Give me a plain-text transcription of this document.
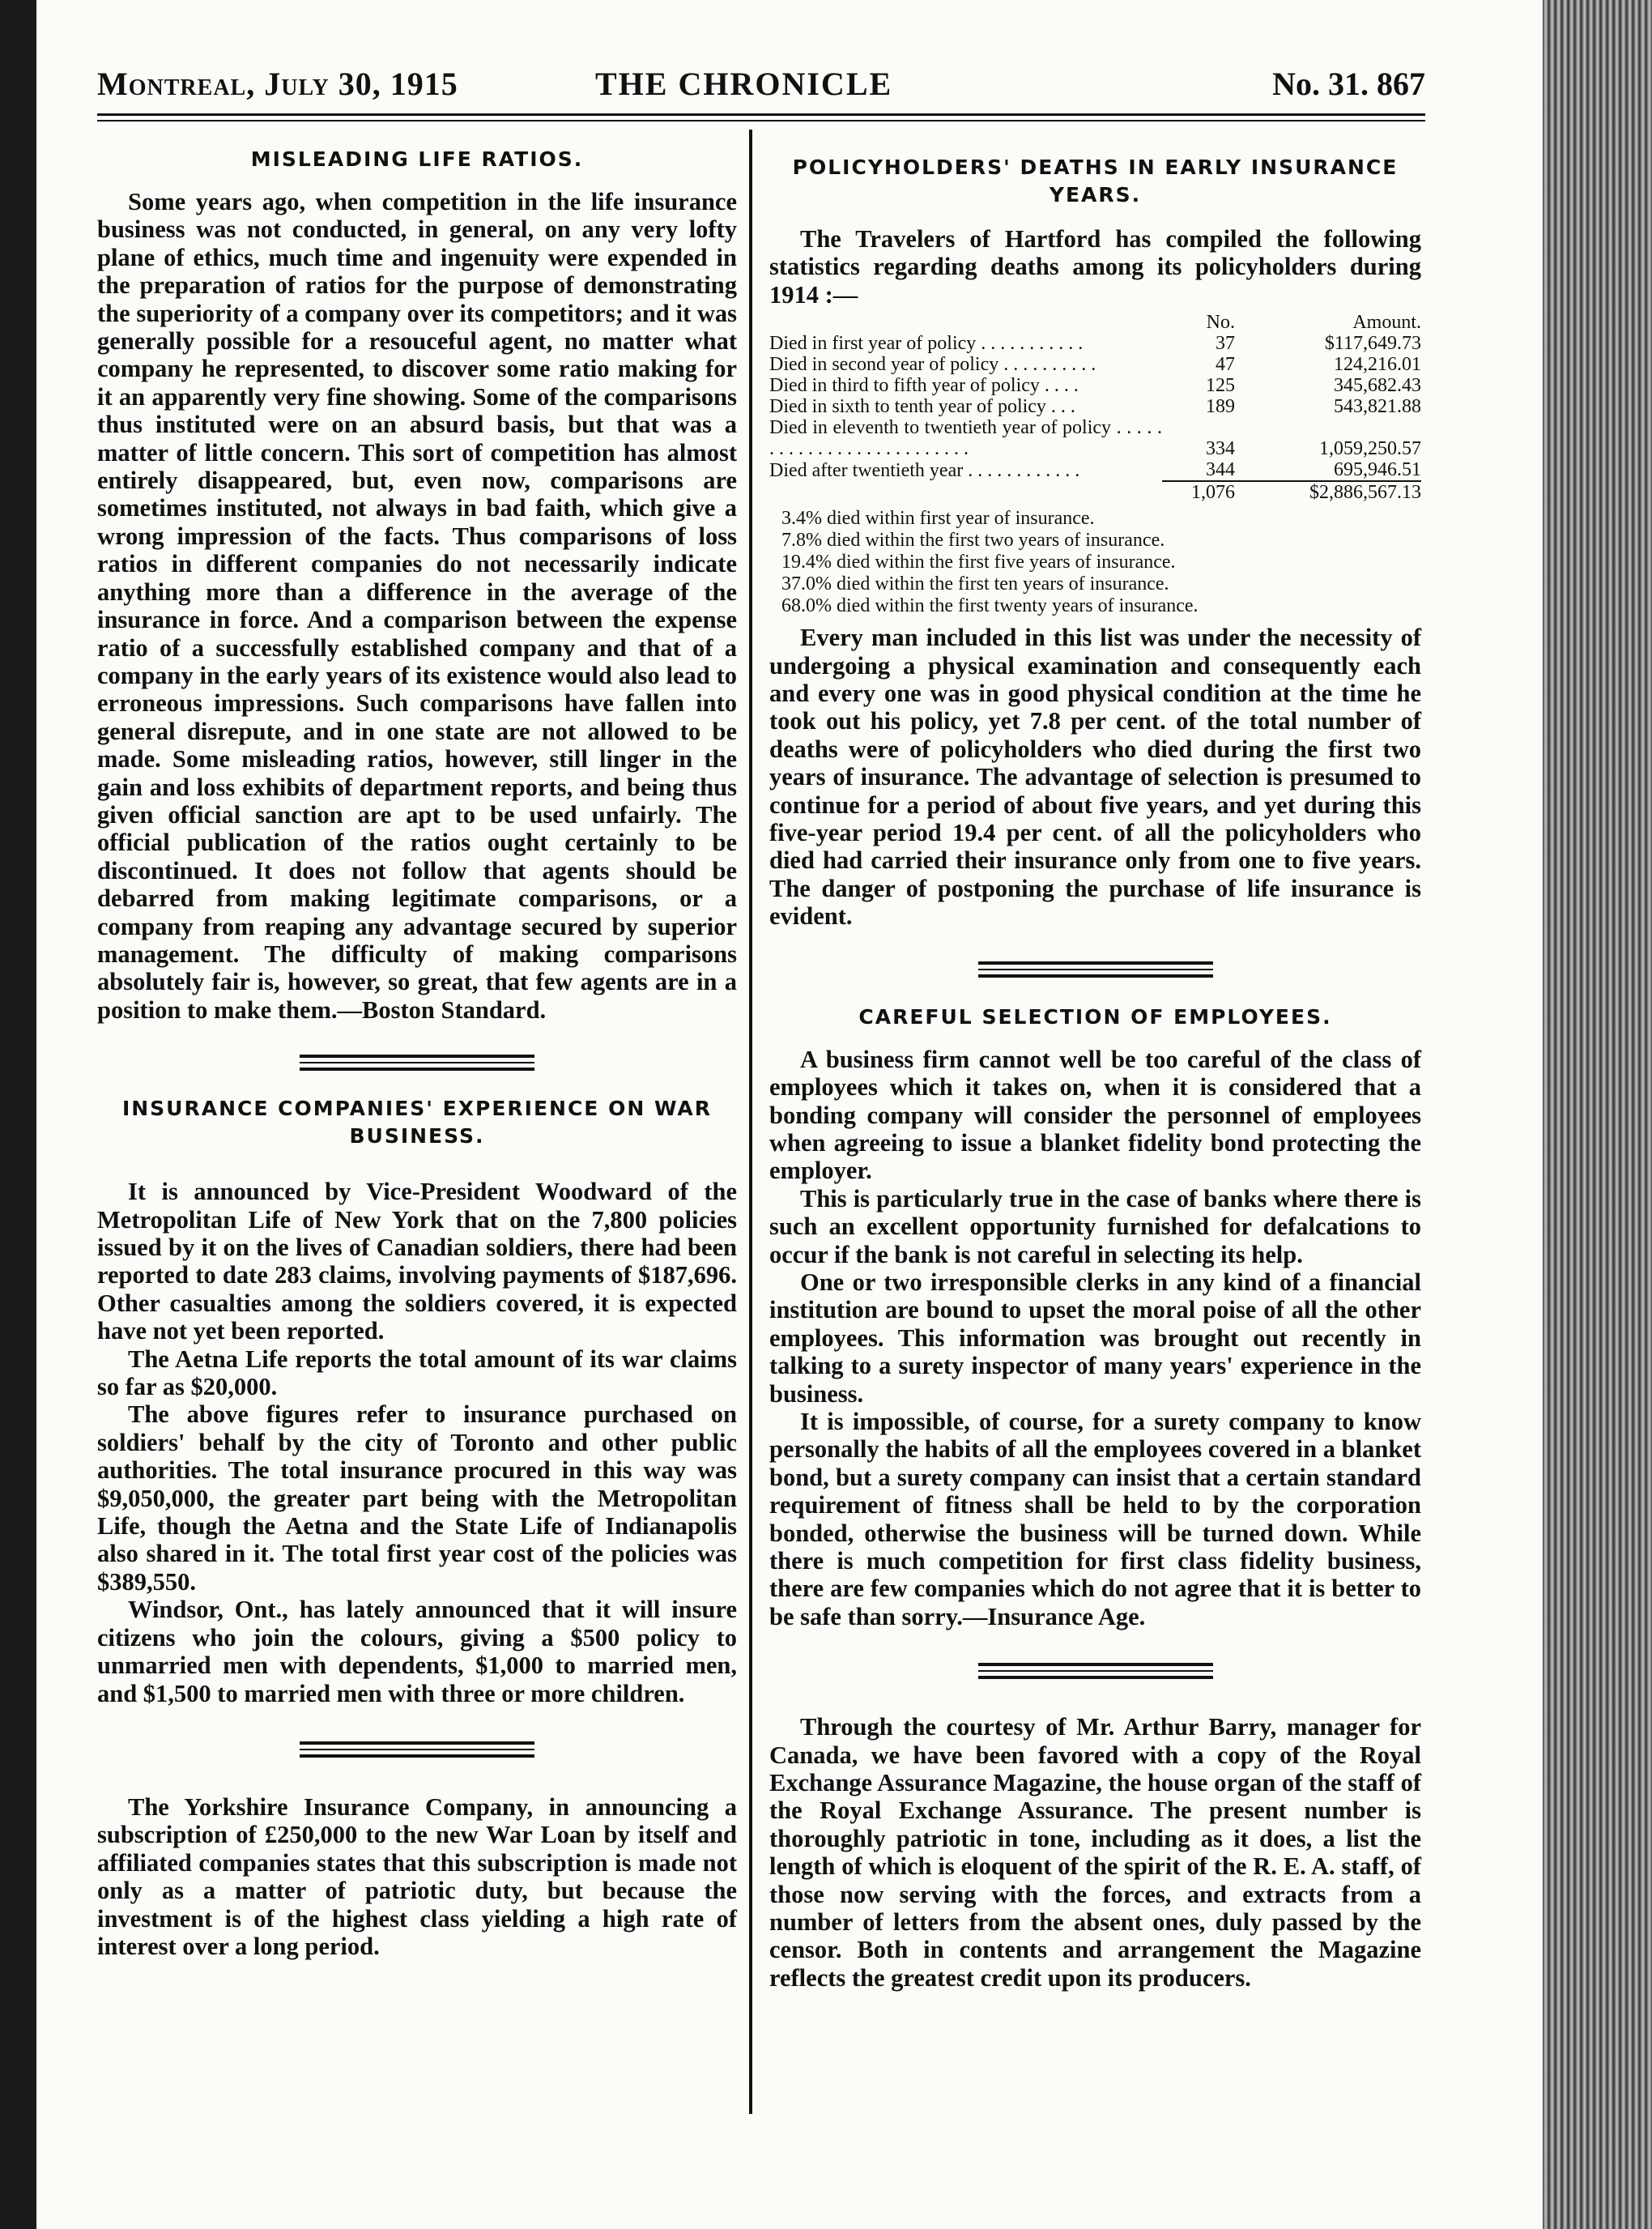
Montreal, July 30, 1915	THE CHRONICLE	No. 31. 867
MISLEADING LIFE RATIOS.

Some years ago, when competition in the life insurance business was not conducted, in general, on any very lofty plane of ethics, much time and ingenuity were expended in the preparation of ratios for the purpose of demonstrating the superiority of a company over its competitors; and it was generally possible for a resouceful agent, no matter what company he represented, to discover some ratio making for it an apparently very fine showing. Some of the comparisons thus instituted were on an absurd basis, but that was a matter of little concern. This sort of competition has almost entirely disappeared, but, even now, comparisons are sometimes instituted, not always in bad faith, which give a wrong impression of the facts. Thus comparisons of loss ratios in different companies do not necessarily indicate anything more than a difference in the average of the insurance in force. And a comparison between the expense ratio of a successfully established company and that of a company in the early years of its existence would also lead to erroneous impressions. Such comparisons have fallen into general disrepute, and in one state are not allowed to be made. Some misleading ratios, however, still linger in the gain and loss exhibits of department reports, and being thus given official sanction are apt to be used unfairly. The official publication of the ratios ought certainly to be discontinued. It does not follow that agents should be debarred from making legitimate comparisons, or a company from reaping any advantage secured by superior management. The difficulty of making comparisons absolutely fair is, however, so great, that few agents are in a position to make them.—Boston Standard.

INSURANCE COMPANIES' EXPERIENCE ON WAR BUSINESS.

It is announced by Vice-President Woodward of the Metropolitan Life of New York that on the 7,800 policies issued by it on the lives of Canadian soldiers, there had been reported to date 283 claims, involving payments of $187,696. Other casualties among the soldiers covered, it is expected have not yet been reported.

The Aetna Life reports the total amount of its war claims so far as $20,000.

The above figures refer to insurance purchased on soldiers' behalf by the city of Toronto and other public authorities. The total insurance procured in this way was $9,050,000, the greater part being with the Metropolitan Life, though the Aetna and the State Life of Indianapolis also shared in it. The total first year cost of the policies was $389,550.

Windsor, Ont., has lately announced that it will insure citizens who join the colours, giving a $500 policy to unmarried men with dependents, $1,000 to married men, and $1,500 to married men with three or more children.

The Yorkshire Insurance Company, in announcing a subscription of £250,000 to the new War Loan by itself and affiliated companies states that this subscription is made not only as a matter of patriotic duty, but because the investment is of the highest class yielding a high rate of interest over a long period.

POLICYHOLDERS' DEATHS IN EARLY INSURANCE YEARS.

The Travelers of Hartford has compiled the following statistics regarding deaths among its policyholders during 1914 :—

	No.	Amount.
Died in first year of policy . . . . . . . . . . .	37	$117,649.73
Died in second year of policy . . . . . . . . . .	47	124,216.01
Died in third to fifth year of policy . . . .	125	345,682.43
Died in sixth to tenth year of policy . . .	189	543,821.88
Died in eleventh to twentieth year of policy . . . . . . . . . . . . . . . . . . . . . . . . . .	334	1,059,250.57
Died after twentieth year . . . . . . . . . . . .	344	695,946.51
	1,076	$2,886,567.13
3.4% died within first year of insurance.
7.8% died within the first two years of insurance.
19.4% died within the first five years of insurance.
37.0% died within the first ten years of insurance.
68.0% died within the first twenty years of insurance.

Every man included in this list was under the necessity of undergoing a physical examination and consequently each and every one was in good physical condition at the time he took out his policy, yet 7.8 per cent. of the total number of deaths were of policyholders who died during the first two years of insurance. The advantage of selection is presumed to continue for a period of about five years, and yet during this five-year period 19.4 per cent. of all the policyholders who died had carried their insurance only from one to five years. The danger of postponing the purchase of life insurance is evident.

CAREFUL SELECTION OF EMPLOYEES.

A business firm cannot well be too careful of the class of employees which it takes on, when it is considered that a bonding company will consider the personnel of employees when agreeing to issue a blanket fidelity bond protecting the employer.

This is particularly true in the case of banks where there is such an excellent opportunity furnished for defalcations to occur if the bank is not careful in selecting its help.

One or two irresponsible clerks in any kind of a financial institution are bound to upset the moral poise of all the other employees. This information was brought out recently in talking to a surety inspector of many years' experience in the business.

It is impossible, of course, for a surety company to know personally the habits of all the employees covered in a blanket bond, but a surety company can insist that a certain standard requirement of fitness shall be held to by the corporation bonded, otherwise the business will be turned down. While there is much competition for first class fidelity business, there are few companies which do not agree that it is better to be safe than sorry.—Insurance Age.

Through the courtesy of Mr. Arthur Barry, manager for Canada, we have been favored with a copy of the Royal Exchange Assurance Magazine, the house organ of the staff of the Royal Exchange Assurance. The present number is thoroughly patriotic in tone, including as it does, a list the length of which is eloquent of the spirit of the R. E. A. staff, of those now serving with the forces, and extracts from a number of letters from the absent ones, duly passed by the censor. Both in contents and arrangement the Magazine reflects the greatest credit upon its producers.
